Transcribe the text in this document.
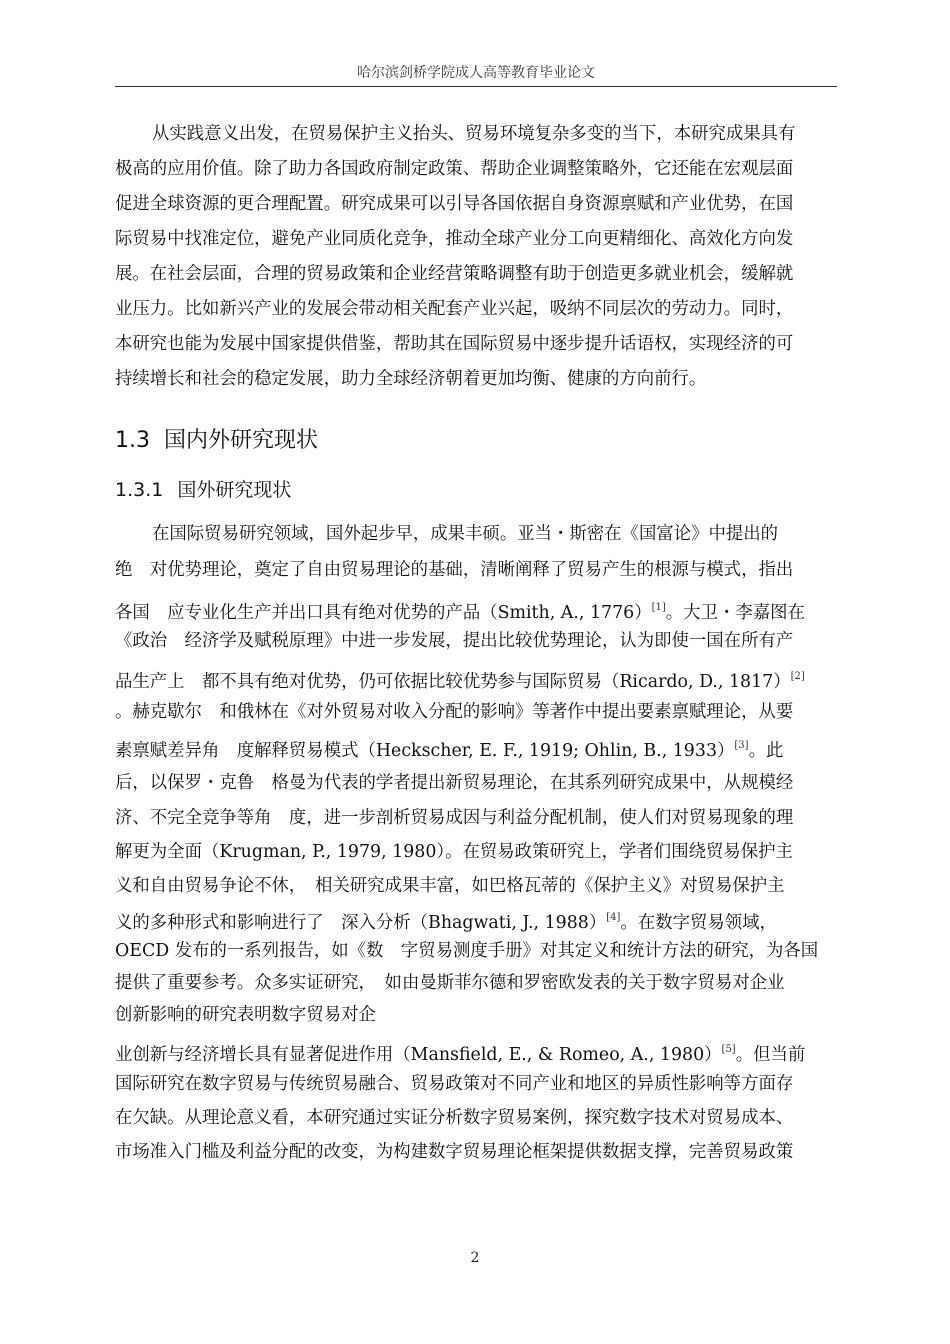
哈尔滨剑桥学院成人高等教育毕业论文
从实践意义出发，在贸易保护主义抬头、贸易环境复杂多变的当下，本研究成果具有
极高的应用价值。除了助力各国政府制定政策、帮助企业调整策略外，它还能在宏观层面
促进全球资源的更合理配置。研究成果可以引导各国依据自身资源禀赋和产业优势，在国
际贸易中找准定位，避免产业同质化竞争，推动全球产业分工向更精细化、高效化方向发
展。在社会层面，合理的贸易政策和企业经营策略调整有助于创造更多就业机会，缓解就
业压力。比如新兴产业的发展会带动相关配套产业兴起，吸纳不同层次的劳动力。同时，
本研究也能为发展中国家提供借鉴，帮助其在国际贸易中逐步提升话语权，实现经济的可
持续增长和社会的稳定发展，助力全球经济朝着更加均衡、健康的方向前行。
1.3 国内外研究现状
1.3.1 国外研究现状
在国际贸易研究领域，国外起步早，成果丰硕。亚当・斯密在《国富论》中提出的
绝　对优势理论，奠定了自由贸易理论的基础，清晰阐释了贸易产生的根源与模式，指出
各国　应专业化生产并出口具有绝对优势的产品（Smith, A., 1776）[1]。大卫・李嘉图在
《政治　经济学及赋税原理》中进一步发展，提出比较优势理论，认为即使一国在所有产
品生产上　都不具有绝对优势，仍可依据比较优势参与国际贸易（Ricardo, D., 1817）[2]
。赫克歇尔　和俄林在《对外贸易对收入分配的影响》等著作中提出要素禀赋理论，从要
素禀赋差异角　度解释贸易模式（Heckscher, E. F., 1919; Ohlin, B., 1933）[3]。此
后，以保罗・克鲁　格曼为代表的学者提出新贸易理论，在其系列研究成果中，从规模经
济、不完全竞争等角　度，进一步剖析贸易成因与利益分配机制，使人们对贸易现象的理
解更为全面（Krugman, P., 1979, 1980）。在贸易政策研究上，学者们围绕贸易保护主
义和自由贸易争论不休，　相关研究成果丰富，如巴格瓦蒂的《保护主义》对贸易保护主
义的多种形式和影响进行了　深入分析（Bhagwati, J., 1988）[4]。在数字贸易领域，
OECD 发布的一系列报告，如《数　字贸易测度手册》对其定义和统计方法的研究，为各国
提供了重要参考。众多实证研究，　如由曼斯菲尔德和罗密欧发表的关于数字贸易对企业
创新影响的研究表明数字贸易对企
业创新与经济增长具有显著促进作用（Mansfield, E., & Romeo, A., 1980）[5]。但当前
国际研究在数字贸易与传统贸易融合、贸易政策对不同产业和地区的异质性影响等方面存
在欠缺。从理论意义看，本研究通过实证分析数字贸易案例，探究数字技术对贸易成本、
市场准入门槛及利益分配的改变，为构建数字贸易理论框架提供数据支撑，完善贸易政策
2
